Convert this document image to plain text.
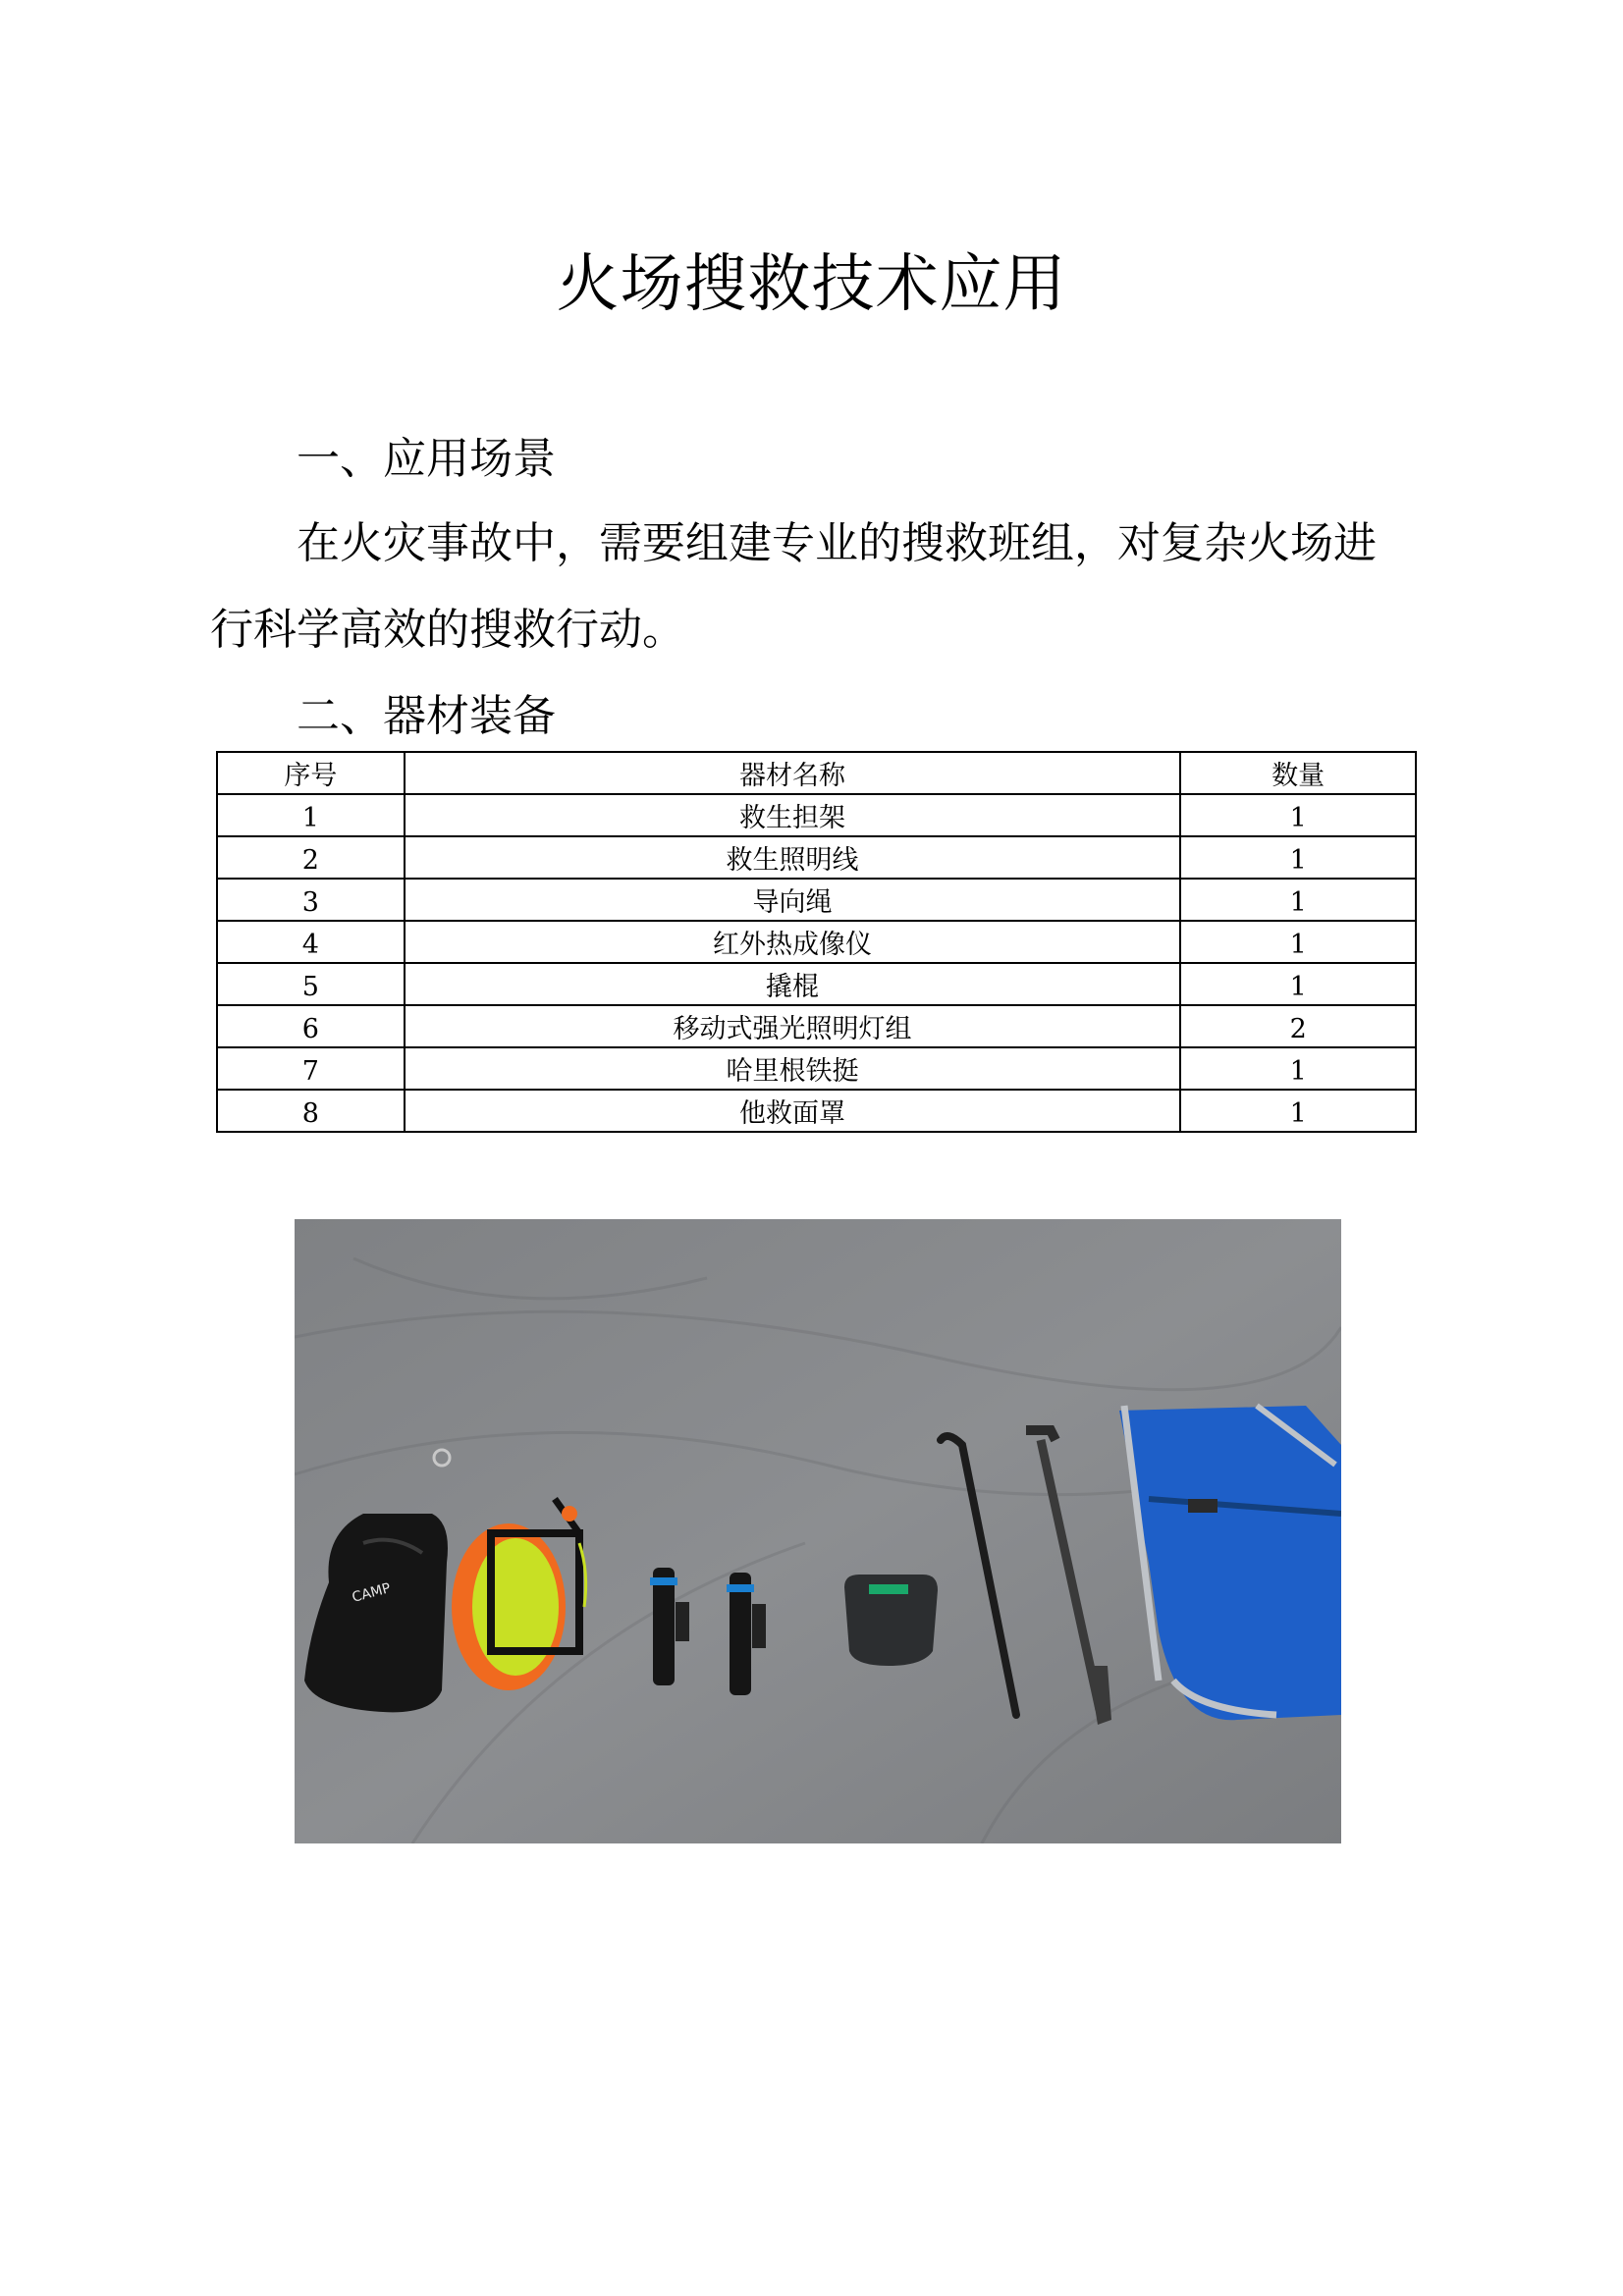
火场搜救技术应用
一、应用场景
在火灾事故中，需要组建专业的搜救班组，对复杂火场进行科学高效的搜救行动。
二、器材装备
序号	器材名称	数量
1	救生担架	1
2	救生照明线	1
3	导向绳	1
4	红外热成像仪	1
5	撬棍	1
6	移动式强光照明灯组	2
7	哈里根铁挺	1
8	他救面罩	1
CAMP
